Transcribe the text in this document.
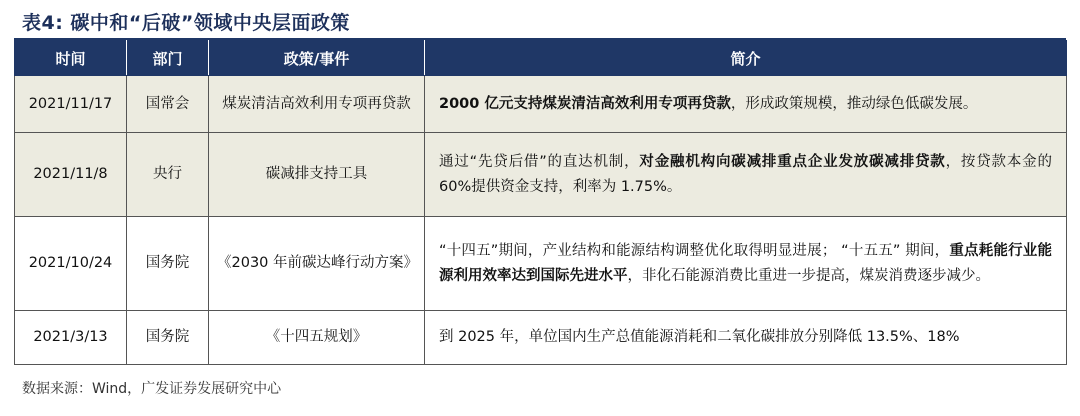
表4: 碳中和“后破”领域中央层面政策
时间	部门	政策/事件	简介
2021/11/17	国常会	煤炭清洁高效利用专项再贷款	2000 亿元支持煤炭清洁高效利用专项再贷款，形成政策规模，推动绿色低碳发展。
2021/11/8	央行	碳减排支持工具	通过“先贷后借”的直达机制，对金融机构向碳减排重点企业发放碳减排贷款，按贷款本金的 60%提供资金支持，利率为 1.75%。
2021/10/24	国务院	《2030 年前碳达峰行动方案》	“十四五”期间，产业结构和能源结构调整优化取得明显进展； “十五五” 期间，重点耗能行业能源利用效率达到国际先进水平，非化石能源消费比重进一步提高，煤炭消费逐步减少。
2021/3/13	国务院	《十四五规划》	到 2025 年，单位国内生产总值能源消耗和二氧化碳排放分别降低 13.5%、18%
数据来源：Wind，广发证券发展研究中心
